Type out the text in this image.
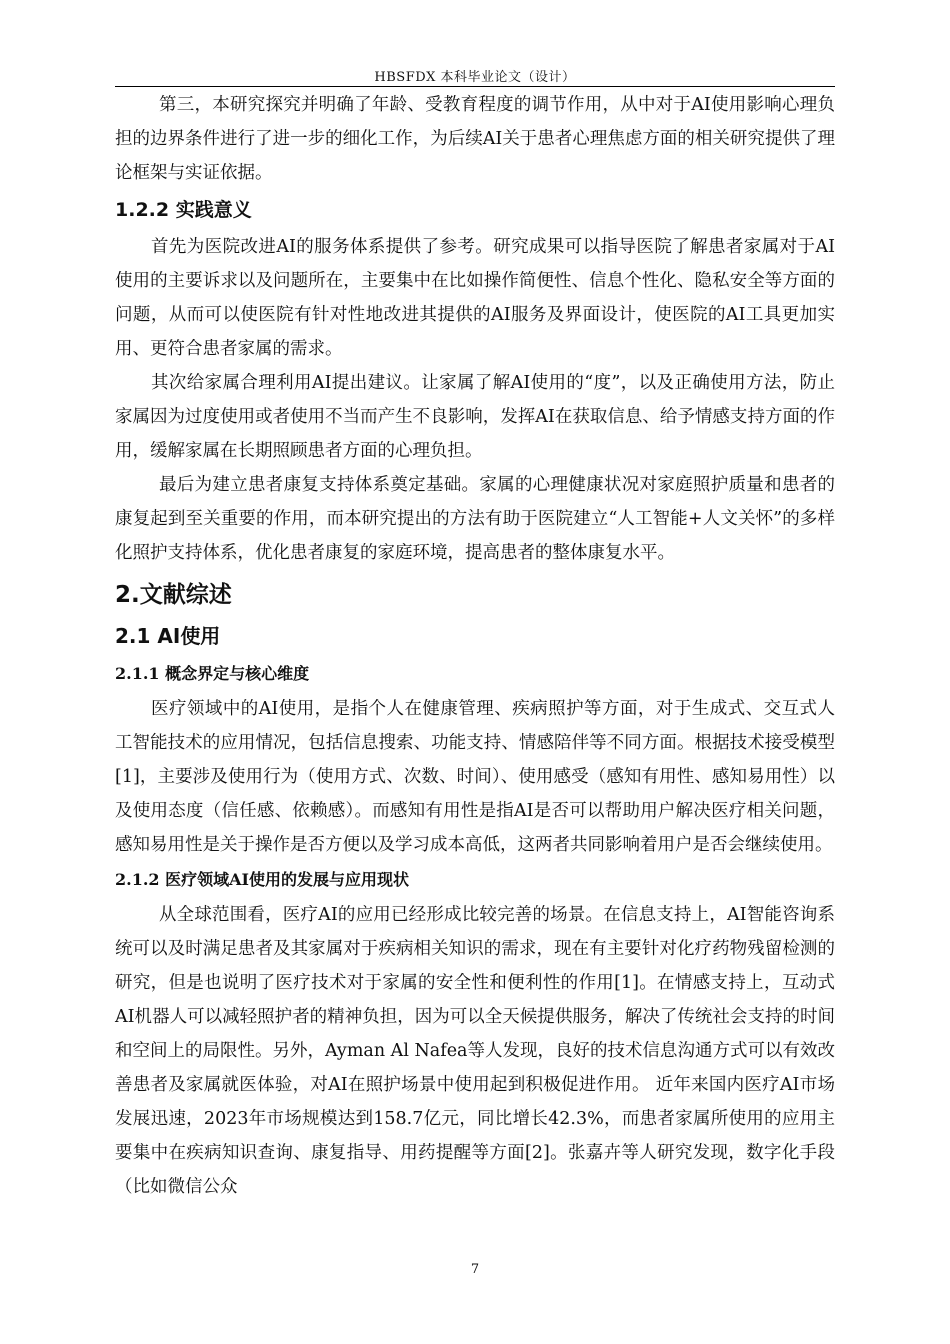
HBSFDX 本科毕业论文（设计）

第三，本研究探究并明确了年龄、受教育程度的调节作用，从中对于AI使用影响心理负担的边界条件进行了进一步的细化工作，为后续AI关于患者心理焦虑方面的相关研究提供了理论框架与实证依据。

1.2.2 实践意义

首先为医院改进AI的服务体系提供了参考。研究成果可以指导医院了解患者家属对于AI使用的主要诉求以及问题所在，主要集中在比如操作简便性、信息个性化、隐私安全等方面的问题，从而可以使医院有针对性地改进其提供的AI服务及界面设计，使医院的AI工具更加实用、更符合患者家属的需求。

其次给家属合理利用AI提出建议。让家属了解AI使用的“度”，以及正确使用方法，防止家属因为过度使用或者使用不当而产生不良影响，发挥AI在获取信息、给予情感支持方面的作用，缓解家属在长期照顾患者方面的心理负担。

最后为建立患者康复支持体系奠定基础。家属的心理健康状况对家庭照护质量和患者的康复起到至关重要的作用，而本研究提出的方法有助于医院建立“人工智能+人文关怀”的多样化照护支持体系，优化患者康复的家庭环境，提高患者的整体康复水平。

2.文献综述
2.1 AI使用
2.1.1 概念界定与核心维度

医疗领域中的AI使用，是指个人在健康管理、疾病照护等方面，对于生成式、交互式人工智能技术的应用情况，包括信息搜索、功能支持、情感陪伴等不同方面。根据技术接受模型[1]，主要涉及使用行为（使用方式、次数、时间）、使用感受（感知有用性、感知易用性）以及使用态度（信任感、依赖感）。而感知有用性是指AI是否可以帮助用户解决医疗相关问题，感知易用性是关于操作是否方便以及学习成本高低，这两者共同影响着用户是否会继续使用。

2.1.2 医疗领域AI使用的发展与应用现状

从全球范围看，医疗AI的应用已经形成比较完善的场景。在信息支持上，AI智能咨询系统可以及时满足患者及其家属对于疾病相关知识的需求，现在有主要针对化疗药物残留检测的研究，但是也说明了医疗技术对于家属的安全性和便利性的作用[1]。在情感支持上，互动式AI机器人可以减轻照护者的精神负担，因为可以全天候提供服务，解决了传统社会支持的时间和空间上的局限性。另外，Ayman Al Nafea等人发现，良好的技术信息沟通方式可以有效改善患者及家属就医体验，对AI在照护场景中使用起到积极促进作用。 近年来国内医疗AI市场发展迅速，2023年市场规模达到158.7亿元，同比增长42.3%，而患者家属所使用的应用主要集中在疾病知识查询、康复指导、用药提醒等方面[2]。张嘉卉等人研究发现，数字化手段（比如微信公众

7
